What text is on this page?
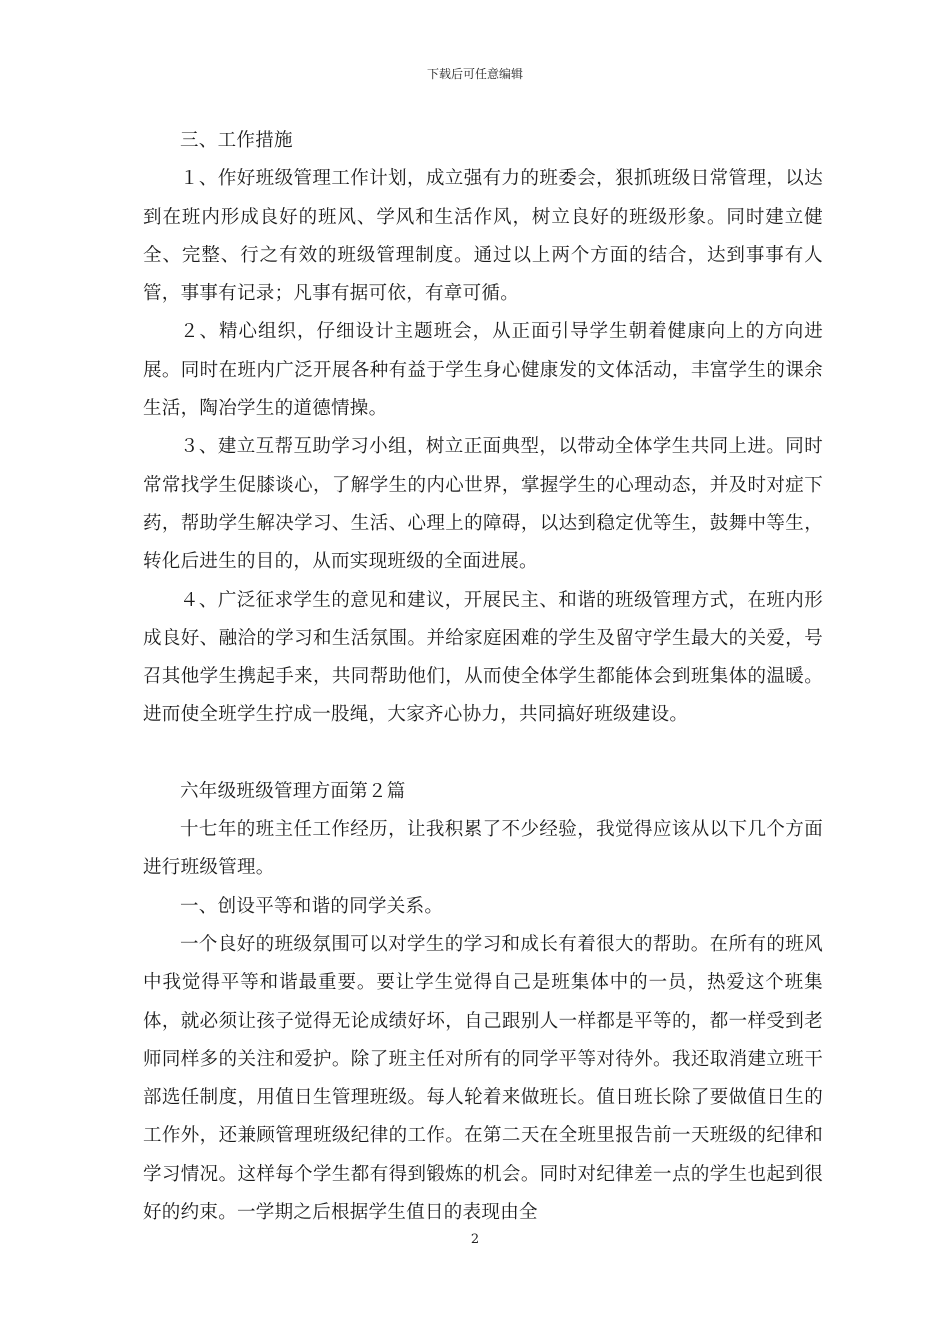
下载后可任意编辑

三、工作措施

１、作好班级管理工作计划，成立强有力的班委会，狠抓班级日常管理，以达到在班内形成良好的班风、学风和生活作风，树立良好的班级形象。同时建立健全、完整、行之有效的班级管理制度。通过以上两个方面的结合，达到事事有人管，事事有记录；凡事有据可依，有章可循。

２、精心组织，仔细设计主题班会，从正面引导学生朝着健康向上的方向进展。同时在班内广泛开展各种有益于学生身心健康发的文体活动，丰富学生的课余生活，陶冶学生的道德情操。

３、建立互帮互助学习小组，树立正面典型，以带动全体学生共同上进。同时常常找学生促膝谈心，了解学生的内心世界，掌握学生的心理动态，并及时对症下药，帮助学生解决学习、生活、心理上的障碍，以达到稳定优等生，鼓舞中等生，转化后进生的目的，从而实现班级的全面进展。

４、广泛征求学生的意见和建议，开展民主、和谐的班级管理方式，在班内形成良好、融洽的学习和生活氛围。并给家庭困难的学生及留守学生最大的关爱，号召其他学生携起手来，共同帮助他们，从而使全体学生都能体会到班集体的温暖。进而使全班学生拧成一股绳，大家齐心协力，共同搞好班级建设。

六年级班级管理方面第２篇

十七年的班主任工作经历，让我积累了不少经验，我觉得应该从以下几个方面进行班级管理。

一、创设平等和谐的同学关系。

一个良好的班级氛围可以对学生的学习和成长有着很大的帮助。在所有的班风中我觉得平等和谐最重要。要让学生觉得自己是班集体中的一员，热爱这个班集体，就必须让孩子觉得无论成绩好坏，自己跟别人一样都是平等的，都一样受到老师同样多的关注和爱护。除了班主任对所有的同学平等对待外。我还取消建立班干部选任制度，用值日生管理班级。每人轮着来做班长。值日班长除了要做值日生的工作外，还兼顾管理班级纪律的工作。在第二天在全班里报告前一天班级的纪律和学习情况。这样每个学生都有得到锻炼的机会。同时对纪律差一点的学生也起到很好的约束。一学期之后根据学生值日的表现由全

2
